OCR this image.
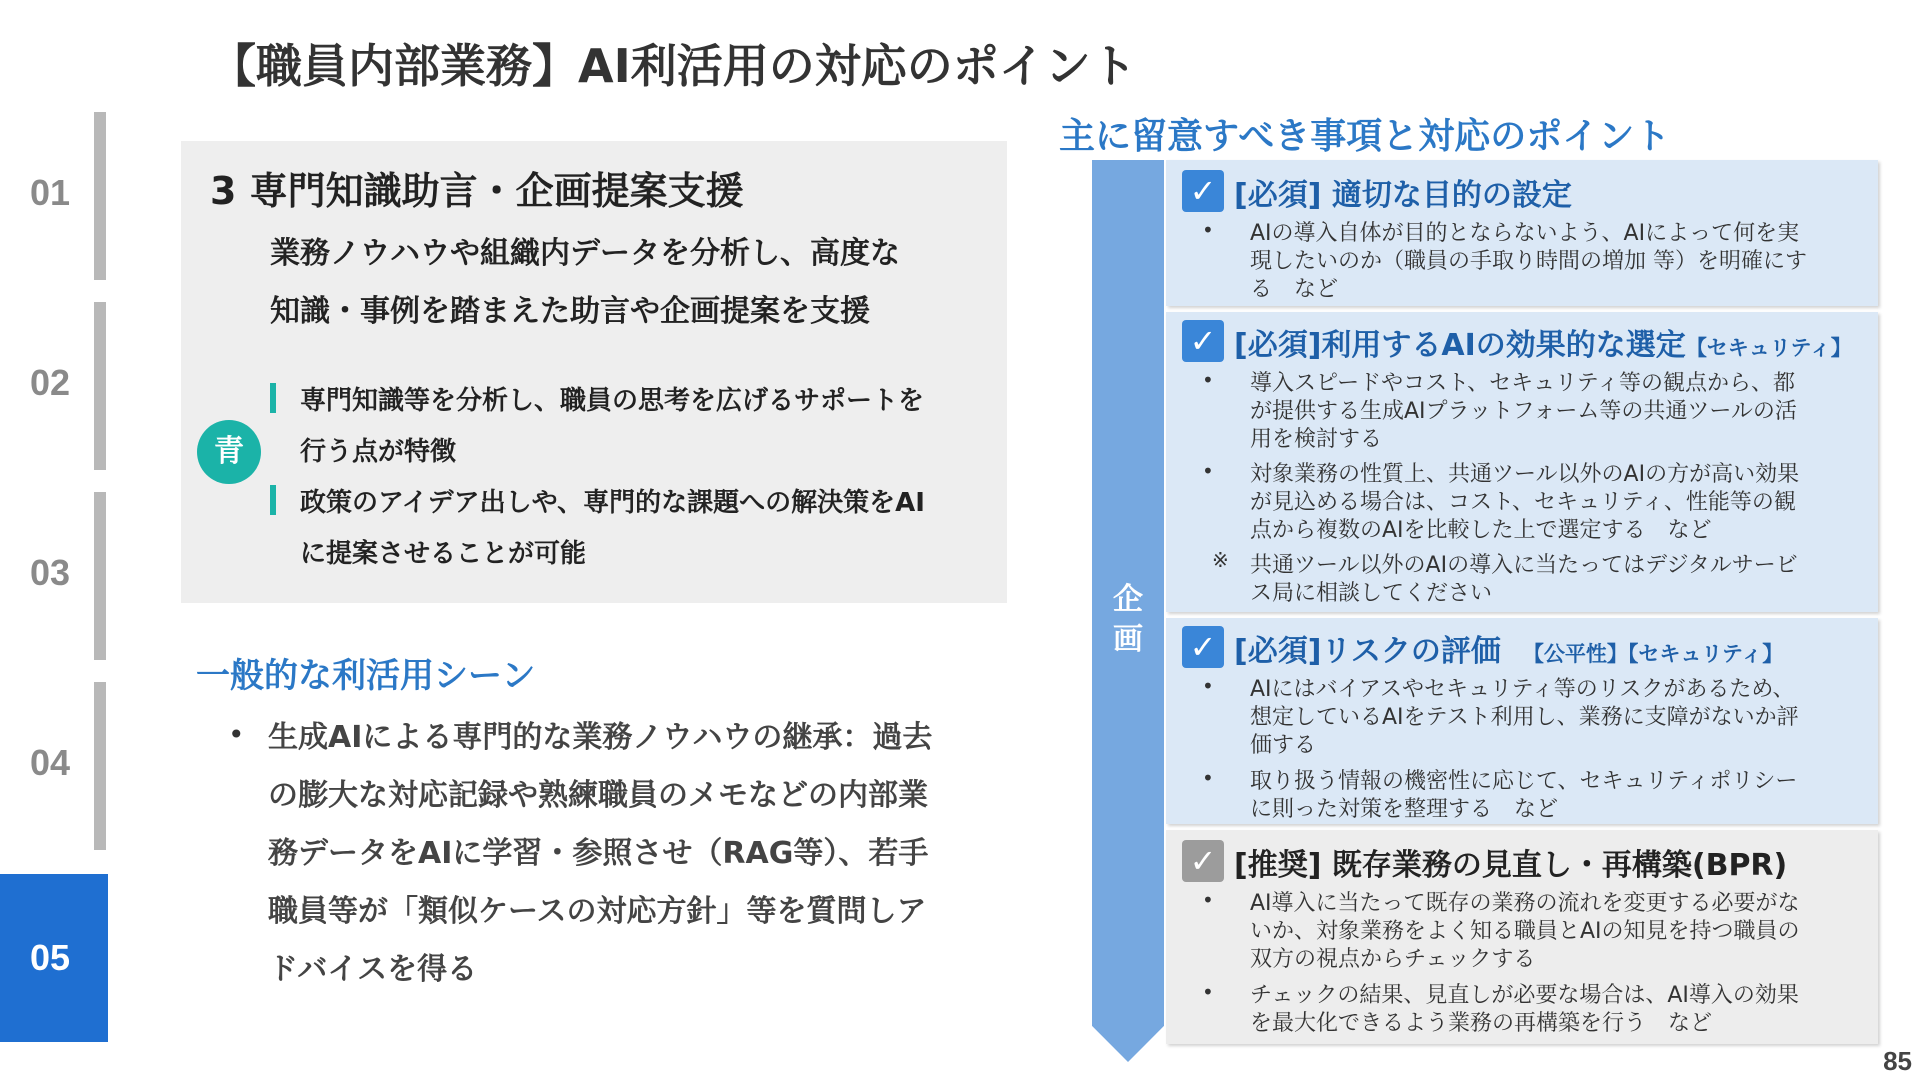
【職員内部業務】AI利活用の対応のポイント
01
02
03
04
05
3 専門知識助言・企画提案支援
業務ノウハウや組織内データを分析し、高度な
知識・事例を踏まえた助言や企画提案を支援
青
専門知識等を分析し、職員の思考を広げるサポートを
行う点が特徴
政策のアイデア出しや、専門的な課題への解決策をAI
に提案させることが可能
一般的な利活用シーン
• 生成AIによる専門的な業務ノウハウの継承：過去
の膨大な対応記録や熟練職員のメモなどの内部業
務データをAIに学習・参照させ（RAG等）、若手
職員等が「類似ケースの対応方針」等を質問しア
ドバイスを得る
主に留意すべき事項と対応のポイント
企画
✓ [必須] 適切な目的の設定
• AIの導入自体が目的とならないよう、AIによって何を実
現したいのか（職員の手取り時間の増加 等）を明確にす
る　など
✓ [必須]利用するAIの効果的な選定【セキュリティ】
• 導入スピードやコスト、セキュリティ等の観点から、都
が提供する生成AIプラットフォーム等の共通ツールの活
用を検討する
• 対象業務の性質上、共通ツール以外のAIの方が高い効果
が見込める場合は、コスト、セキュリティ、性能等の観
点から複数のAIを比較した上で選定する　など
※ 共通ツール以外のAIの導入に当たってはデジタルサービ
ス局に相談してください
✓ [必須]リスクの評価 【公平性】【セキュリティ】
• AIにはバイアスやセキュリティ等のリスクがあるため、
想定しているAIをテスト利用し、業務に支障がないか評
価する
• 取り扱う情報の機密性に応じて、セキュリティポリシー
に則った対策を整理する　など
✓ [推奨] 既存業務の見直し・再構築(BPR)
• AI導入に当たって既存の業務の流れを変更する必要がな
いか、対象業務をよく知る職員とAIの知見を持つ職員の
双方の視点からチェックする
• チェックの結果、見直しが必要な場合は、AI導入の効果
を最大化できるよう業務の再構築を行う　など
85
